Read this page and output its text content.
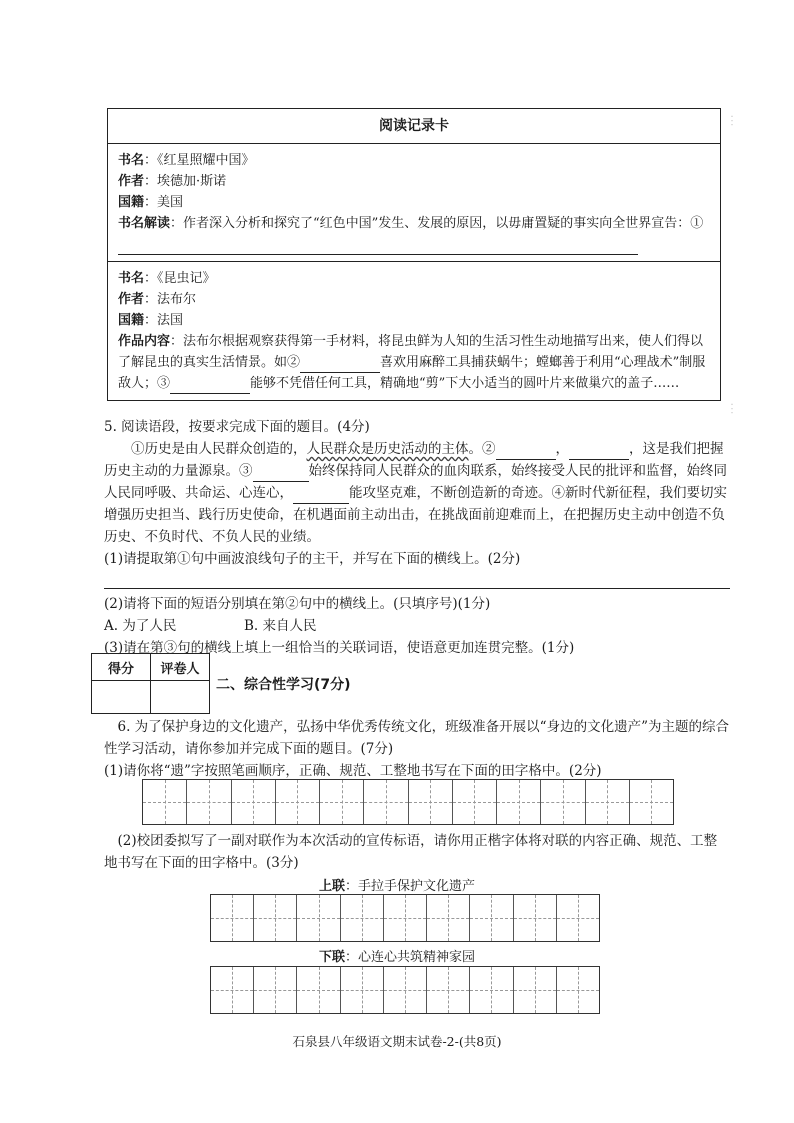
︙
︙
阅读记录卡
书名：《红星照耀中国》
作者：埃德加·斯诺
国籍：美国
书名解读：作者深入分析和探究了“红色中国”发生、发展的原因，以毋庸置疑的事实向全世界宣告：①
书名：《昆虫记》
作者：法布尔
国籍：法国
作品内容：法布尔根据观察获得第一手材料，将昆虫鲜为人知的生活习性生动地描写出来，使人们得以了解昆虫的真实生活情景。如②	喜欢用麻醉工具捕获蜗牛；螳螂善于利用“心理战术”制服敌人；③	能够不凭借任何工具，精确地“剪”下大小适当的圆叶片来做巢穴的盖子……
5. 阅读语段，按要求完成下面的题目。(4分)
①历史是由人民群众创造的，人民群众是历史活动的主体。②	，	，这是我们把握历史主动的力量源泉。③	始终保持同人民群众的血肉联系，始终接受人民的批评和监督，始终同人民同呼吸、共命运、心连心，	能攻坚克难，不断创造新的奇迹。④新时代新征程，我们要切实增强历史担当、践行历史使命，在机遇面前主动出击，在挑战面前迎难而上，在把握历史主动中创造不负历史、不负时代、不负人民的业绩。
(1)请提取第①句中画波浪线句子的主干，并写在下面的横线上。(2分)
(2)请将下面的短语分别填在第②句中的横线上。(只填序号)(1分)
A. 为了人民	B. 来自人民
(3)请在第③句的横线上填上一组恰当的关联词语，使语意更加连贯完整。(1分)
得分	评卷人

二、综合性学习(7分)
6. 为了保护身边的文化遗产，弘扬中华优秀传统文化，班级准备开展以“身边的文化遗产”为主题的综合性学习活动，请你参加并完成下面的题目。(7分)
(1)请你将“遗”字按照笔画顺序，正确、规范、工整地书写在下面的田字格中。(2分)
(2)校团委拟写了一副对联作为本次活动的宣传标语，请你用正楷字体将对联的内容正确、规范、工整地书写在下面的田字格中。(3分)
上联：手拉手保护文化遗产
下联：心连心共筑精神家园
石泉县八年级语文期末试卷-2-(共8页)
